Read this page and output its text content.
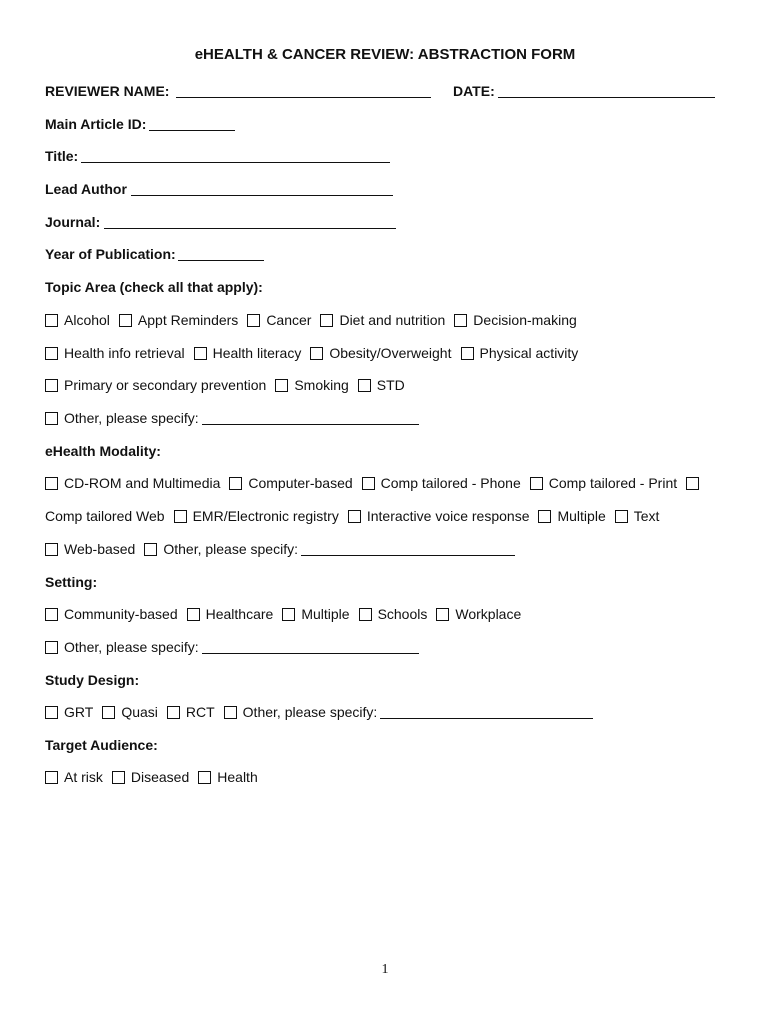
eHEALTH & CANCER REVIEW: ABSTRACTION FORM
REVIEWER NAME:	DATE:
Main Article ID:
Title:
Lead Author
Journal:
Year of Publication:
Topic Area (check all that apply):
Alcohol Appt Reminders Cancer Diet and nutrition Decision-making
Health info retrieval Health literacy Obesity/Overweight Physical activity
Primary or secondary prevention Smoking STD
Other, please specify:
eHealth Modality:
CD-ROM and Multimedia Computer-based Comp tailored - Phone Comp tailored - Print
Comp tailored Web EMR/Electronic registry Interactive voice response Multiple Text
Web-based Other, please specify:
Setting:
Community-based Healthcare Multiple Schools Workplace
Other, please specify:
Study Design:
GRT Quasi RCT Other, please specify:
Target Audience:
At risk Diseased Health
1
